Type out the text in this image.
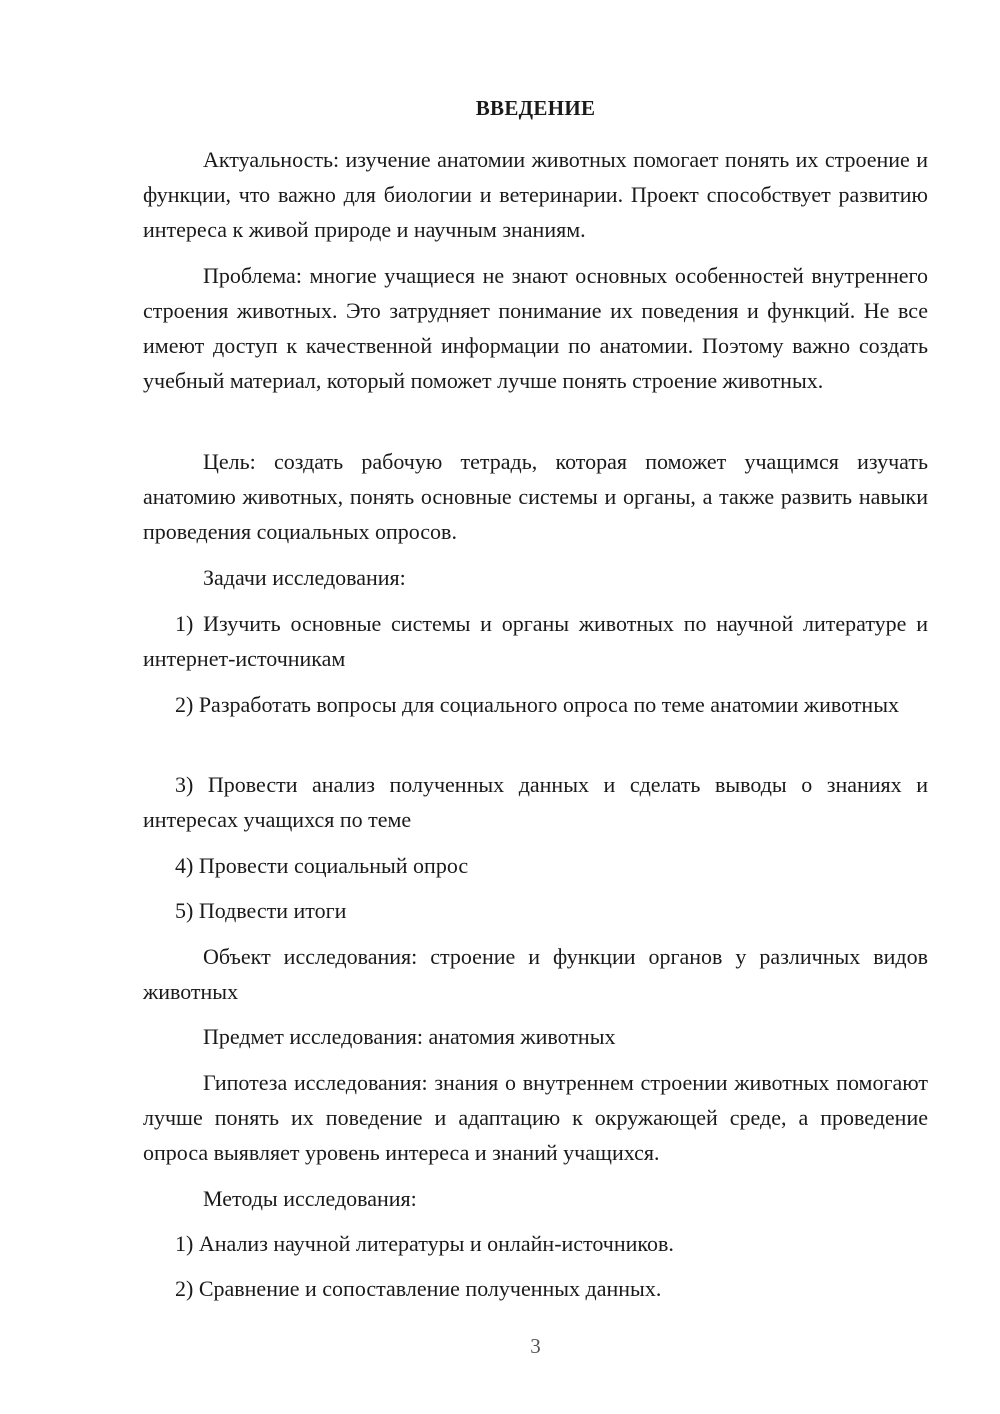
ВВЕДЕНИЕ

Актуальность: изучение анатомии животных помогает понять их строение и функции, что важно для биологии и ветеринарии. Проект способствует развитию интереса к живой природе и научным знаниям.

Проблема: многие учащиеся не знают основных особенностей внутреннего строения животных. Это затрудняет понимание их поведения и функций. Не все имеют доступ к качественной информации по анатомии. Поэтому важно создать учебный материал, который поможет лучше понять строение животных.

Цель: создать рабочую тетрадь, которая поможет учащимся изучать анатомию животных, понять основные системы и органы, а также развить навыки проведения социальных опросов.

Задачи исследования:

1) Изучить основные системы и органы животных по научной литературе и интернет-источникам

2) Разработать вопросы для социального опроса по теме анатомии животных

3) Провести анализ полученных данных и сделать выводы о знаниях и интересах учащихся по теме

4) Провести социальный опрос

5) Подвести итоги

Объект исследования: строение и функции органов у различных видов животных

Предмет исследования: анатомия животных

Гипотеза исследования: знания о внутреннем строении животных помогают лучше понять их поведение и адаптацию к окружающей среде, а проведение опроса выявляет уровень интереса и знаний учащихся.

Методы исследования:

1) Анализ научной литературы и онлайн-источников.

2) Сравнение и сопоставление полученных данных.

3
